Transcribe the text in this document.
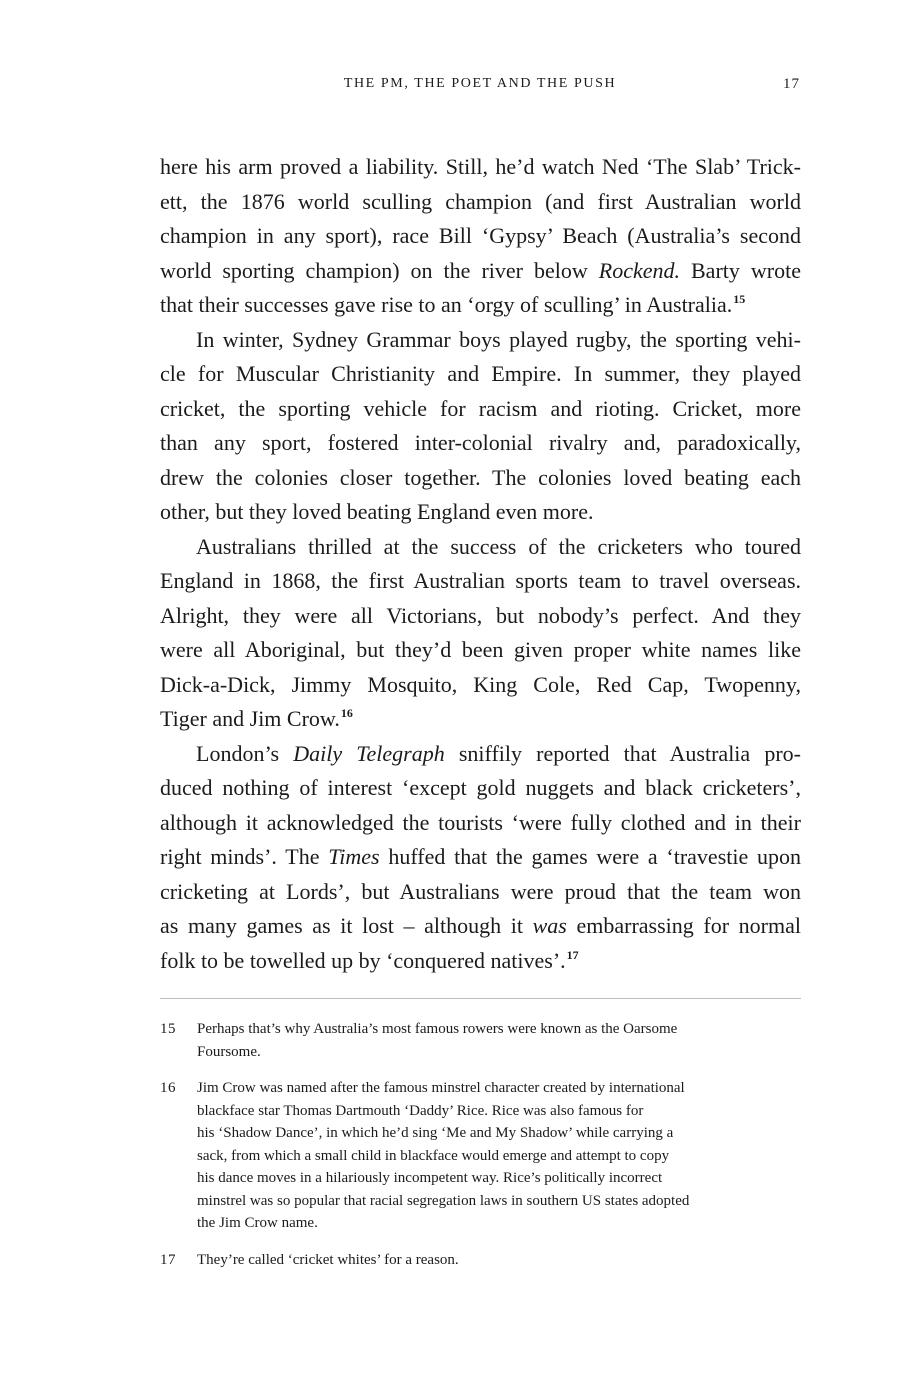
THE PM, THE POET AND THE PUSH	17
here his arm proved a liability. Still, he’d watch Ned ‘The Slab’ Trick-
ett, the 1876 world sculling champion (and first Australian world
champion in any sport), race Bill ‘Gypsy’ Beach (Australia’s second
world sporting champion) on the river below Rockend. Barty wrote
that their successes gave rise to an ‘orgy of sculling’ in Australia.$^{15}$
In winter, Sydney Grammar boys played rugby, the sporting vehi-
cle for Muscular Christianity and Empire. In summer, they played
cricket, the sporting vehicle for racism and rioting. Cricket, more
than any sport, fostered inter-colonial rivalry and, paradoxically,
drew the colonies closer together. The colonies loved beating each
other, but they loved beating England even more.
Australians thrilled at the success of the cricketers who toured
England in 1868, the first Australian sports team to travel overseas.
Alright, they were all Victorians, but nobody’s perfect. And they
were all Aboriginal, but they’d been given proper white names like
Dick-a-Dick, Jimmy Mosquito, King Cole, Red Cap, Twopenny,
Tiger and Jim Crow.$^{16}$
London’s Daily Telegraph sniffily reported that Australia pro-
duced nothing of interest ‘except gold nuggets and black cricketers’,
although it acknowledged the tourists ‘were fully clothed and in their
right minds’. The Times huffed that the games were a ‘travestie upon
cricketing at Lords’, but Australians were proud that the team won
as many games as it lost – although it was embarrassing for normal
folk to be towelled up by ‘conquered natives’.$^{17}$
15 Perhaps that’s why Australia’s most famous rowers were known as the Oarsome
Foursome.
16 Jim Crow was named after the famous minstrel character created by international
blackface star Thomas Dartmouth ‘Daddy’ Rice. Rice was also famous for
his ‘Shadow Dance’, in which he’d sing ‘Me and My Shadow’ while carrying a
sack, from which a small child in blackface would emerge and attempt to copy
his dance moves in a hilariously incompetent way. Rice’s politically incorrect
minstrel was so popular that racial segregation laws in southern US states adopted
the Jim Crow name.
17 They’re called ‘cricket whites’ for a reason.
